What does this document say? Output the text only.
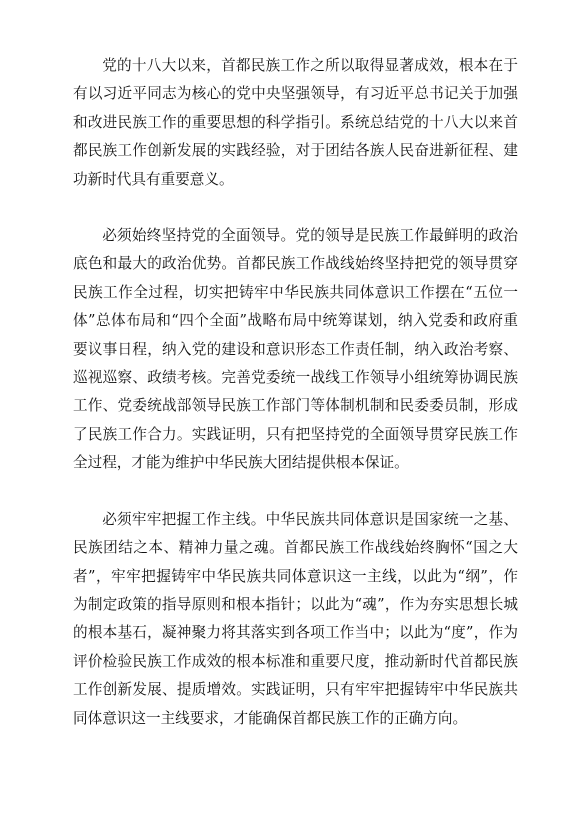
党的十八大以来，首都民族工作之所以取得显著成效，根本在于有以习近平同志为核心的党中央坚强领导，有习近平总书记关于加强和改进民族工作的重要思想的科学指引。系统总结党的十八大以来首都民族工作创新发展的实践经验，对于团结各族人民奋进新征程、建功新时代具有重要意义。

必须始终坚持党的全面领导。党的领导是民族工作最鲜明的政治底色和最大的政治优势。首都民族工作战线始终坚持把党的领导贯穿民族工作全过程，切实把铸牢中华民族共同体意识工作摆在“五位一体”总体布局和“四个全面”战略布局中统筹谋划，纳入党委和政府重要议事日程，纳入党的建设和意识形态工作责任制，纳入政治考察、巡视巡察、政绩考核。完善党委统一战线工作领导小组统筹协调民族工作、党委统战部领导民族工作部门等体制机制和民委委员制，形成了民族工作合力。实践证明，只有把坚持党的全面领导贯穿民族工作全过程，才能为维护中华民族大团结提供根本保证。

必须牢牢把握工作主线。中华民族共同体意识是国家统一之基、民族团结之本、精神力量之魂。首都民族工作战线始终胸怀“国之大者”，牢牢把握铸牢中华民族共同体意识这一主线，以此为“纲”，作为制定政策的指导原则和根本指针；以此为“魂”，作为夯实思想长城的根本基石，凝神聚力将其落实到各项工作当中；以此为“度”，作为评价检验民族工作成效的根本标准和重要尺度，推动新时代首都民族工作创新发展、提质增效。实践证明，只有牢牢把握铸牢中华民族共同体意识这一主线要求，才能确保首都民族工作的正确方向。
